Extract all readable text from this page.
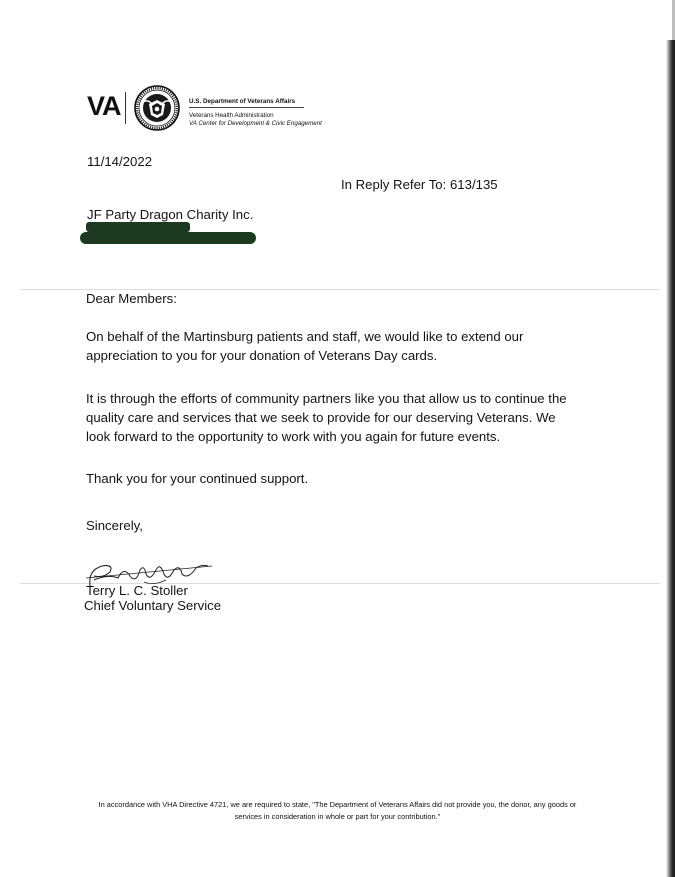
VA	U.S. Department of Veterans Affairs
Veterans Health Administration
VA Center for Development & Civic Engagement
11/14/2022
In Reply Refer To: 613/135
JF Party Dragon Charity Inc.
Dear Members:
On behalf of the Martinsburg patients and staff, we would like to extend our
appreciation to you for your donation of Veterans Day cards.
It is through the efforts of community partners like you that allow us to continue the
quality care and services that we seek to provide for our deserving Veterans. We
look forward to the opportunity to work with you again for future events.
Thank you for your continued support.
Sincerely,
Terry L. C. Stoller
Chief Voluntary Service
In accordance with VHA Directive 4721, we are required to state, "The Department of Veterans Affairs did not provide you, the donor, any goods or
services in consideration in whole or part for your contribution."
